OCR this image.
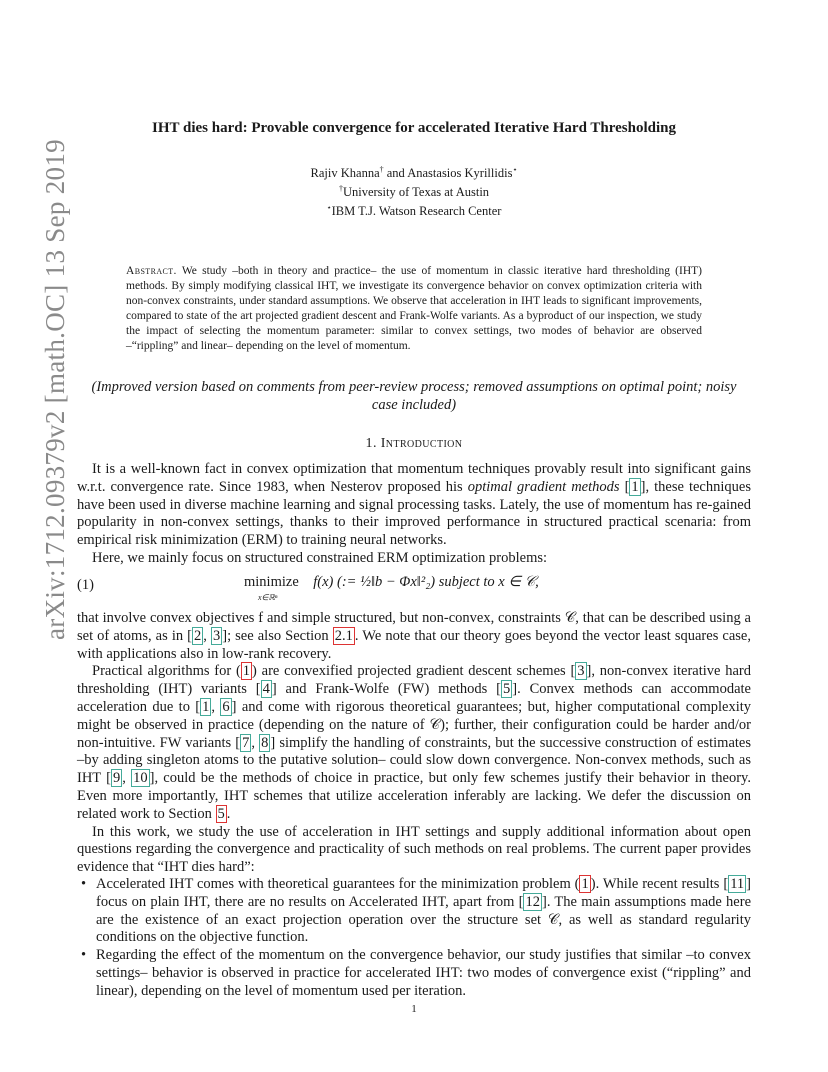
arXiv:1712.09379v2 [math.OC] 13 Sep 2019
IHT dies hard: Provable convergence for accelerated Iterative Hard Thresholding
Rajiv Khanna† and Anastasios Kyrillidis⋆
†University of Texas at Austin
⋆IBM T.J. Watson Research Center
Abstract. We study –both in theory and practice– the use of momentum in classic iterative hard thresholding (IHT) methods. By simply modifying classical IHT, we investigate its convergence behavior on convex optimization criteria with non-convex constraints, under standard assumptions. We observe that acceleration in IHT leads to significant improvements, compared to state of the art projected gradient descent and Frank-Wolfe variants. As a byproduct of our inspection, we study the impact of selecting the momentum parameter: similar to convex settings, two modes of behavior are observed –“rippling” and linear– depending on the level of momentum.
(Improved version based on comments from peer-review process; removed assumptions on optimal point; noisy case included)
1. Introduction

It is a well-known fact in convex optimization that momentum techniques provably result into significant gains w.r.t. convergence rate. Since 1983, when Nesterov proposed his optimal gradient methods [ 1 ], these techniques have been used in diverse machine learning and signal processing tasks. Lately, the use of momentum has re-gained popularity in non-convex settings, thanks to their improved performance in structured practical scenaria: from empirical risk minimization (ERM) to training neural networks.

Here, we mainly focus on structured constrained ERM optimization problems:

(1)	minimize f(x) (:= ½‖b − Φx‖²₂) subject to x ∈ 𝒞,
x∈ℝⁿ

that involve convex objectives f and simple structured, but non-convex, constraints 𝒞, that can be described using a set of atoms, as in [ 2 , 3 ]; see also Section 2.1 . We note that our theory goes beyond the vector least squares case, with applications also in low-rank recovery.

Practical algorithms for ( 1 ) are convexified projected gradient descent schemes [ 3 ], non-convex iterative hard thresholding (IHT) variants [ 4 ] and Frank-Wolfe (FW) methods [ 5 ]. Convex methods can accommodate acceleration due to [ 1 , 6 ] and come with rigorous theoretical guarantees; but, higher computational complexity might be observed in practice (depending on the nature of 𝒞); further, their configuration could be harder and/or non-intuitive. FW variants [ 7 , 8 ] simplify the handling of constraints, but the successive construction of estimates –by adding singleton atoms to the putative solution– could slow down convergence. Non-convex methods, such as IHT [ 9 , 10 ], could be the methods of choice in practice, but only few schemes justify their behavior in theory. Even more importantly, IHT schemes that utilize acceleration inferably are lacking. We defer the discussion on related work to Section 5 .

In this work, we study the use of acceleration in IHT settings and supply additional information about open questions regarding the convergence and practicality of such methods on real problems. The current paper provides evidence that “IHT dies hard”:

• Accelerated IHT comes with theoretical guarantees for the minimization problem ( 1 ). While recent results [ 11 ] focus on plain IHT, there are no results on Accelerated IHT, apart from [ 12 ]. The main assumptions made here are the existence of an exact projection operation over the structure set 𝒞, as well as standard regularity conditions on the objective function.
• Regarding the effect of the momentum on the convergence behavior, our study justifies that similar –to convex settings– behavior is observed in practice for accelerated IHT: two modes of convergence exist (“rippling” and linear), depending on the level of momentum used per iteration.
1
